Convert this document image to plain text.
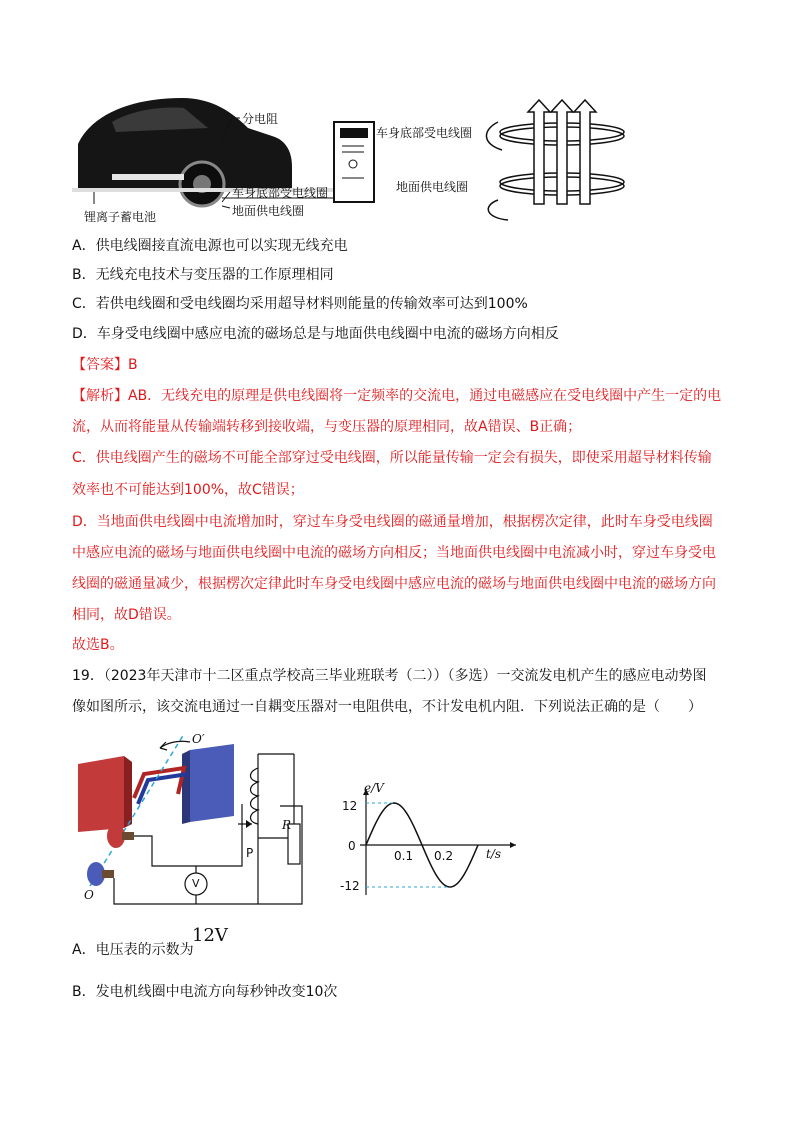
分电阻
车身底部受电线圈
地面供电线圈
锂离子蓄电池
车身底部受电线圈
地面供电线圈
A．供电线圈接直流电源也可以实现无线充电
B．无线充电技术与变压器的工作原理相同
C．若供电线圈和受电线圈均采用超导材料则能量的传输效率可达到100%
D．车身受电线圈中感应电流的磁场总是与地面供电线圈中电流的磁场方向相反
【答案】B
【解析】AB．无线充电的原理是供电线圈将一定频率的交流电，通过电磁感应在受电线圈中产生一定的电
流，从而将能量从传输端转移到接收端，与变压器的原理相同，故A错误、B正确；
C．供电线圈产生的磁场不可能全部穿过受电线圈，所以能量传输一定会有损失，即使采用超导材料传输
效率也不可能达到100%，故C错误；
D．当地面供电线圈中电流增加时，穿过车身受电线圈的磁通量增加，根据楞次定律，此时车身受电线圈
中感应电流的磁场与地面供电线圈中电流的磁场方向相反；当地面供电线圈中电流减小时，穿过车身受电
线圈的磁通量减少，根据楞次定律此时车身受电线圈中感应电流的磁场与地面供电线圈中电流的磁场方向
相同，故D错误。
故选B。
19．（2023年天津市十二区重点学校高三毕业班联考（二））（多选）一交流发电机产生的感应电动势图
像如图所示，该交流电通过一自耦变压器对一电阻供电，不计发电机内阻．下列说法正确的是（　　）
O′
O
R
P
V
e/V
t/s
12
0
-12
0.1 0.2
A．电压表的示数为
12V
B．发电机线圈中电流方向每秒钟改变10次
